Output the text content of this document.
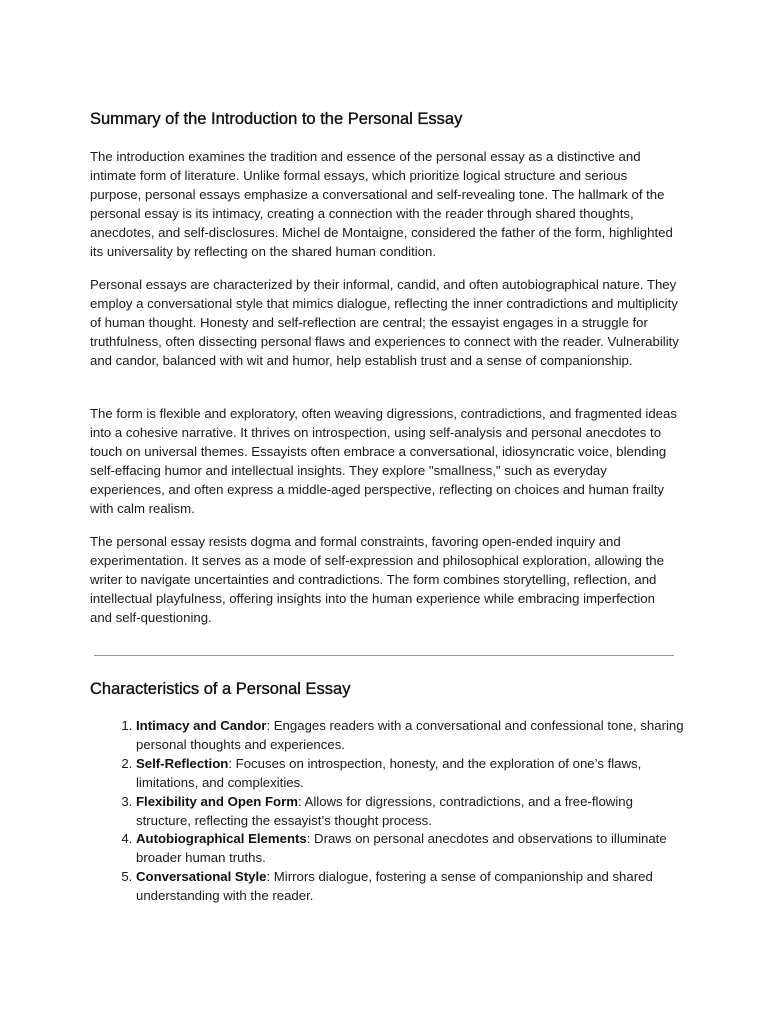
Summary of the Introduction to the Personal Essay

The introduction examines the tradition and essence of the personal essay as a distinctive and intimate form of literature. Unlike formal essays, which prioritize logical structure and serious purpose, personal essays emphasize a conversational and self-revealing tone. The hallmark of the personal essay is its intimacy, creating a connection with the reader through shared thoughts, anecdotes, and self-disclosures. Michel de Montaigne, considered the father of the form, highlighted its universality by reflecting on the shared human condition.

Personal essays are characterized by their informal, candid, and often autobiographical nature. They employ a conversational style that mimics dialogue, reflecting the inner contradictions and multiplicity of human thought. Honesty and self-reflection are central; the essayist engages in a struggle for truthfulness, often dissecting personal flaws and experiences to connect with the reader. Vulnerability and candor, balanced with wit and humor, help establish trust and a sense of companionship.

The form is flexible and exploratory, often weaving digressions, contradictions, and fragmented ideas into a cohesive narrative. It thrives on introspection, using self-analysis and personal anecdotes to touch on universal themes. Essayists often embrace a conversational, idiosyncratic voice, blending self-effacing humor and intellectual insights. They explore "smallness," such as everyday experiences, and often express a middle-aged perspective, reflecting on choices and human frailty with calm realism.

The personal essay resists dogma and formal constraints, favoring open-ended inquiry and experimentation. It serves as a mode of self-expression and philosophical exploration, allowing the writer to navigate uncertainties and contradictions. The form combines storytelling, reflection, and intellectual playfulness, offering insights into the human experience while embracing imperfection and self-questioning.

Characteristics of a Personal Essay
1. Intimacy and Candor: Engages readers with a conversational and confessional tone, sharing personal thoughts and experiences.
2. Self-Reflection: Focuses on introspection, honesty, and the exploration of one’s flaws, limitations, and complexities.
3. Flexibility and Open Form: Allows for digressions, contradictions, and a free-flowing structure, reflecting the essayist’s thought process.
4. Autobiographical Elements: Draws on personal anecdotes and observations to illuminate broader human truths.
5. Conversational Style: Mirrors dialogue, fostering a sense of companionship and shared understanding with the reader.
